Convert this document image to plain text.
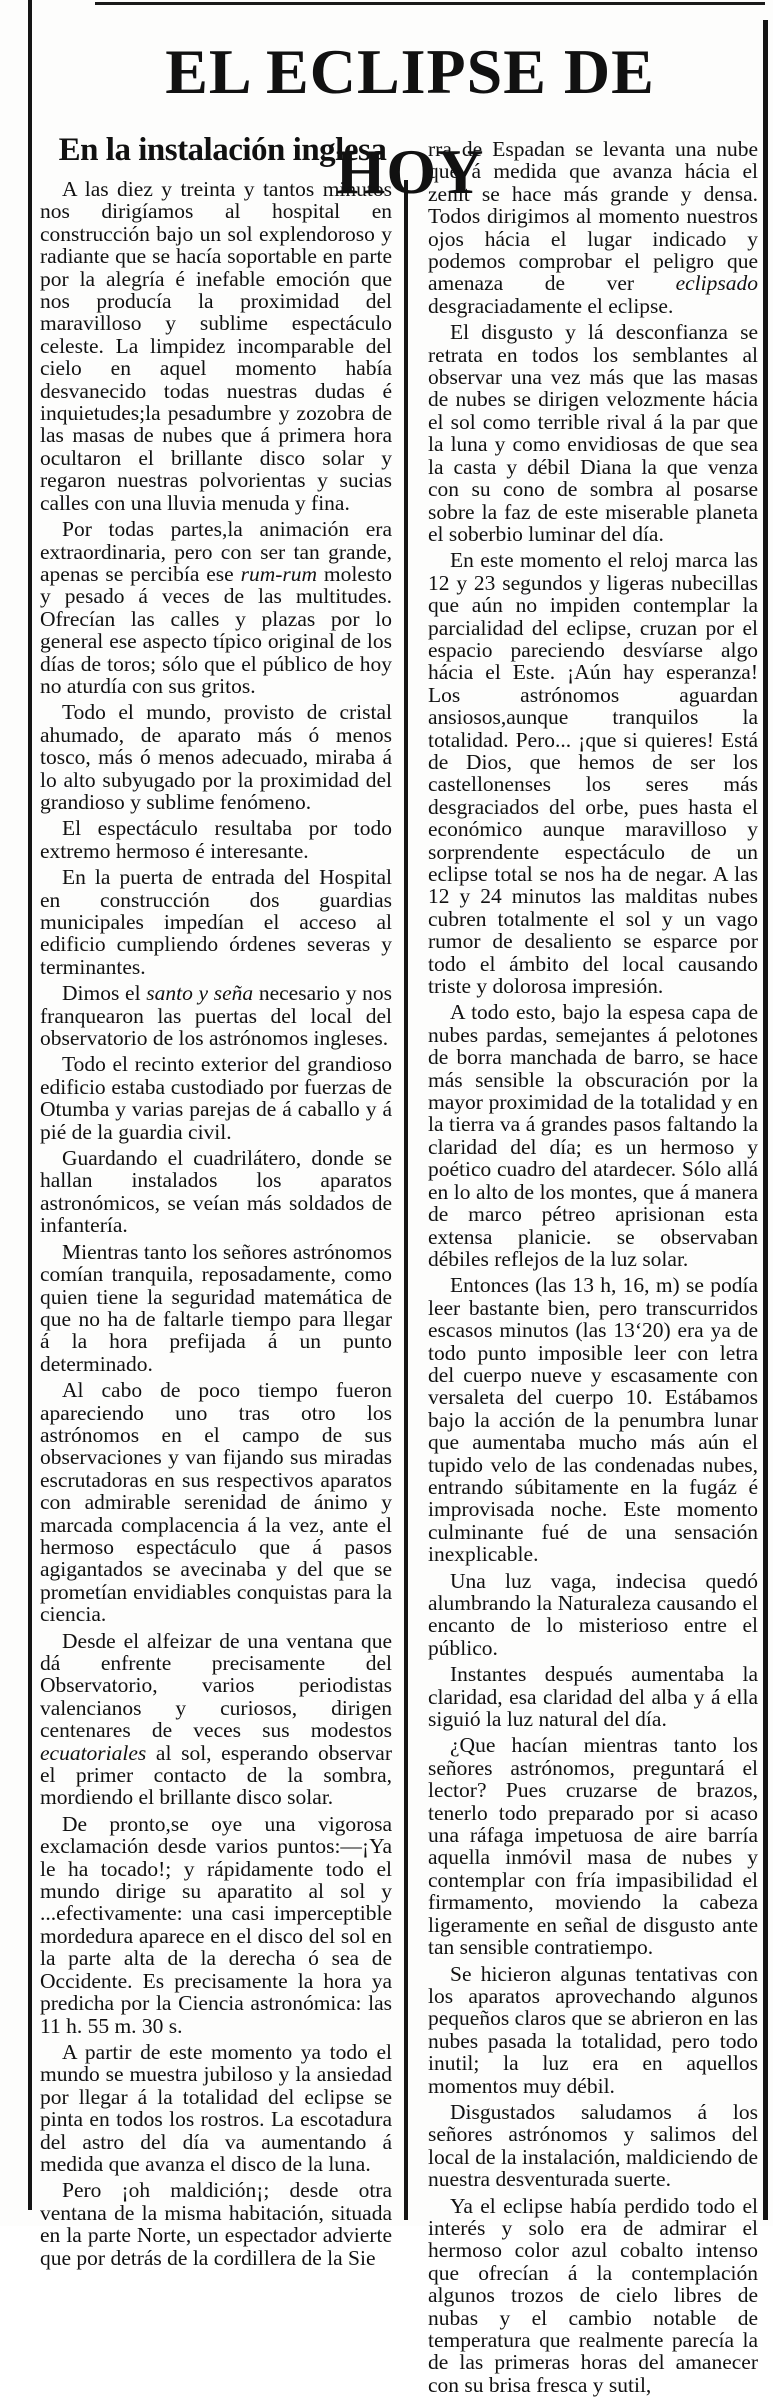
EL ECLIPSE DE HOY
En la instalación inglesa

A las diez y treinta y tantos minutos nos dirigíamos al hospital en construcción bajo un sol explendoroso y radiante que se hacía soportable en parte por la alegría é inefable emoción que nos producía la proximidad del maravilloso y sublime espectáculo celeste. La limpidez incomparable del cielo en aquel momento había desvanecido todas nuestras dudas é inquietudes;la pesadumbre y zozobra de las masas de nubes que á primera hora ocultaron el brillante disco solar y regaron nuestras polvorientas y sucias calles con una lluvia menuda y fina.

Por todas partes,la animación era extraordinaria, pero con ser tan grande, apenas se percibía ese rum-rum molesto y pesado á veces de las multitudes. Ofrecían las calles y plazas por lo general ese aspecto típico original de los días de toros; sólo que el público de hoy no aturdía con sus gritos.

Todo el mundo, provisto de cristal ahumado, de aparato más ó menos tosco, más ó menos adecuado, miraba á lo alto subyugado por la proximidad del grandioso y sublime fenómeno.

El espectáculo resultaba por todo extremo hermoso é interesante.

En la puerta de entrada del Hospital en construcción dos guardias municipales impedían el acceso al edificio cumpliendo órdenes severas y terminantes.

Dimos el santo y seña necesario y nos franquearon las puertas del local del observatorio de los astrónomos ingleses.

Todo el recinto exterior del grandioso edificio estaba custodiado por fuerzas de Otumba y varias parejas de á caballo y á pié de la guardia civil.

Guardando el cuadrilátero, donde se hallan instalados los aparatos astronómicos, se veían más soldados de infantería.

Mientras tanto los señores astrónomos comían tranquila, reposadamente, como quien tiene la seguridad matemática de que no ha de faltarle tiempo para llegar á la hora prefijada á un punto determinado.

Al cabo de poco tiempo fueron apareciendo uno tras otro los astrónomos en el campo de sus observaciones y van fijando sus miradas escrutadoras en sus respectivos aparatos con admirable serenidad de ánimo y marcada complacencia á la vez, ante el hermoso espectáculo que á pasos agigantados se avecinaba y del que se prometían envidiables conquistas para la ciencia.

Desde el alfeizar de una ventana que dá enfrente precisamente del Observatorio, varios periodistas valencianos y curiosos, dirigen centenares de veces sus modestos ecuatoriales al sol, esperando observar el primer contacto de la sombra, mordiendo el brillante disco solar.

De pronto,se oye una vigorosa exclamación desde varios puntos:—¡Ya le ha tocado!; y rápidamente todo el mundo dirige su aparatito al sol y ...efectivamente: una casi imperceptible mordedura aparece en el disco del sol en la parte alta de la derecha ó sea de Occidente. Es precisamente la hora ya predicha por la Ciencia astronómica: las 11 h. 55 m. 30 s.

A partir de este momento ya todo el mundo se muestra jubiloso y la ansiedad por llegar á la totalidad del eclipse se pinta en todos los rostros. La escotadura del astro del día va aumentando á medida que avanza el disco de la luna.

Pero ¡oh maldición¡; desde otra ventana de la misma habitación, situada en la parte Norte, un espectador advierte que por detrás de la cordillera de la Sie

rra de Espadan se levanta una nube que á medida que avanza hácia el zenit se hace más grande y densa. Todos dirigimos al momento nuestros ojos hácia el lugar indicado y podemos comprobar el peligro que amenaza de ver eclipsado desgraciadamente el eclipse.

El disgusto y lá desconfianza se retrata en todos los semblantes al observar una vez más que las masas de nubes se dirigen velozmente hácia el sol como terrible rival á la par que la luna y como envidiosas de que sea la casta y débil Diana la que venza con su cono de sombra al posarse sobre la faz de este miserable planeta el soberbio luminar del día.

En este momento el reloj marca las 12 y 23 segundos y ligeras nubecillas que aún no impiden contemplar la parcialidad del eclipse, cruzan por el espacio pareciendo desvíarse algo hácia el Este. ¡Aún hay esperanza! Los astrónomos aguardan ansiosos,aunque tranquilos la totalidad. Pero... ¡que si quieres! Está de Dios, que hemos de ser los castellonenses los seres más desgraciados del orbe, pues hasta el económico aunque maravilloso y sorprendente espectáculo de un eclipse total se nos ha de negar. A las 12 y 24 minutos las malditas nubes cubren totalmente el sol y un vago rumor de desaliento se esparce por todo el ámbito del local causando triste y dolorosa impresión.

A todo esto, bajo la espesa capa de nubes pardas, semejantes á pelotones de borra manchada de barro, se hace más sensible la obscuración por la mayor proximidad de la totalidad y en la tierra va á grandes pasos faltando la claridad del día; es un hermoso y poético cuadro del atardecer. Sólo allá en lo alto de los montes, que á manera de marco pétreo aprisionan esta extensa planicie. se observaban débiles reflejos de la luz solar.

Entonces (las 13 h, 16, m) se podía leer bastante bien, pero transcurridos escasos minutos (las 13‘20) era ya de todo punto imposible leer con letra del cuerpo nueve y escasamente con versaleta del cuerpo 10. Estábamos bajo la acción de la penumbra lunar que aumentaba mucho más aún el tupido velo de las condenadas nubes, entrando súbitamente en la fugáz é improvisada noche. Este momento culminante fué de una sensación inexplicable.

Una luz vaga, indecisa quedó alumbrando la Naturaleza causando el encanto de lo misterioso entre el público.

Instantes después aumentaba la claridad, esa claridad del alba y á ella siguió la luz natural del día.

¿Que hacían mientras tanto los señores astrónomos, preguntará el lector? Pues cruzarse de brazos, tenerlo todo preparado por si acaso una ráfaga impetuosa de aire barría aquella inmóvil masa de nubes y contemplar con fría impasibilidad el firmamento, moviendo la cabeza ligeramente en señal de disgusto ante tan sensible contratiempo.

Se hicieron algunas tentativas con los aparatos aprovechando algunos pequeños claros que se abrieron en las nubes pasada la totalidad, pero todo inutil; la luz era en aquellos momentos muy débil.

Disgustados saludamos á los señores astrónomos y salimos del local de la instalación, maldiciendo de nuestra desventurada suerte.

Ya el eclipse había perdido todo el interés y solo era de admirar el hermoso color azul cobalto intenso que ofrecían á la contemplación algunos trozos de cielo libres de nubas y el cambio notable de temperatura que realmente parecía la de las primeras horas del amanecer con su brisa fresca y sutil,
